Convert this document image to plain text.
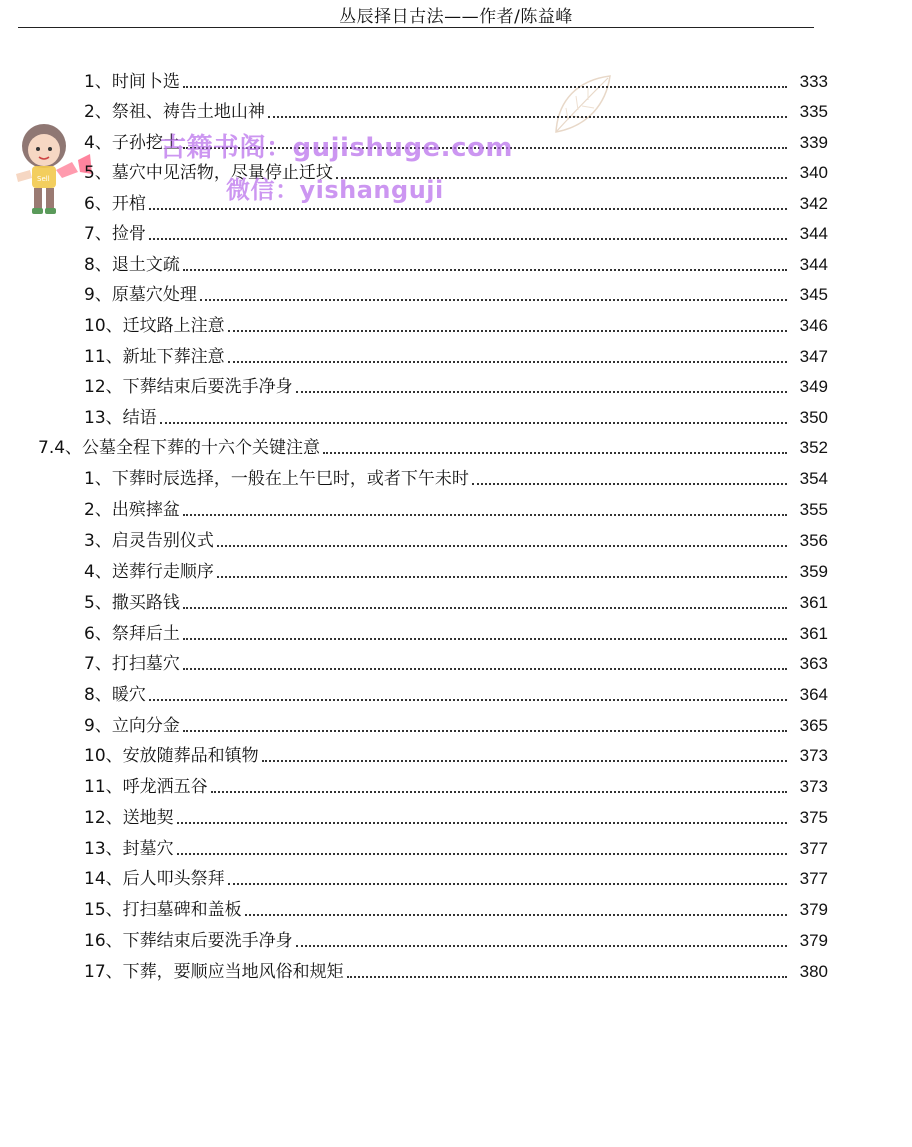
丛辰择日古法——作者/陈益峰
Sell
1、时间卜选	333
2、祭祖、祷告土地山神	335
4、子孙挖土	339
5、墓穴中见活物，尽量停止迁坟	340
6、开棺	342
7、捡骨	344
8、退土文疏	344
9、原墓穴处理	345
10、迁坟路上注意	346
11、新址下葬注意	347
12、下葬结束后要洗手净身	349
13、结语	350
7.4、公墓全程下葬的十六个关键注意	352
1、下葬时辰选择，一般在上午巳时，或者下午未时	354
2、出殡摔盆	355
3、启灵告别仪式	356
4、送葬行走顺序	359
5、撒买路钱	361
6、祭拜后土	361
7、打扫墓穴	363
8、暖穴	364
9、立向分金	365
10、安放随葬品和镇物	373
11、呼龙洒五谷	373
12、送地契	375
13、封墓穴	377
14、后人叩头祭拜	377
15、打扫墓碑和盖板	379
16、下葬结束后要洗手净身	379
17、下葬，要顺应当地风俗和规矩	380
古籍书阁：gujishuge.com
微信：yishanguji
